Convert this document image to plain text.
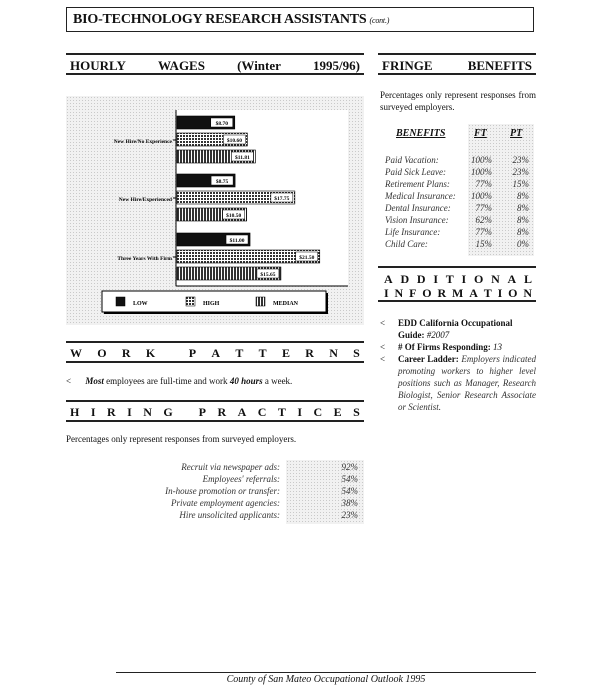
BIO-TECHNOLOGY RESEARCH ASSISTANTS (cont.)
HOURLY WAGES (Winter 1995/96)
New Hire/No Experience
$8.70
$10.60
$11.81
New Hire/Experienced
$8.75
$17.75
$10.50
Three Years With Firm
$11.00
$21.50
$15.65
LOW	HIGH	MEDIAN
W O R K
	P A T T E R N S
< Most employees are full-time and work 40 hours a week.
H I R I N G
P R A C T I C E S
Percentages only represent responses from surveyed employers.
Recruit via newspaper ads:	92%
Employees' referrals:	54%
In-house promotion or transfer:	54%
Private employment agencies:	38%
Hire unsolicited applicants:	23%
FRINGE	BENEFITS
Percentages only represent responses from surveyed employers.
BENEFITS	FT PT
Paid Vacation:	100% 23%
Paid Sick Leave:	100% 23%
Retirement Plans:	77% 15%
Medical Insurance: 100%	8%
Dental Insurance:	77%	8%
Vision Insurance:	62%	8%
Life Insurance:	77%	8%
Child Care:	15%	0%
A D D I T I O N A L
I N F O R M A T I O N
< EDD California Occupational Guide: #2007
< # Of Firms Responding: 13
< Career Ladder: Employers indicated promoting workers to higher level positions such as Manager, Research Biologist, Senior Research Associate or Scientist.
County of San Mateo Occupational Outlook 1995
